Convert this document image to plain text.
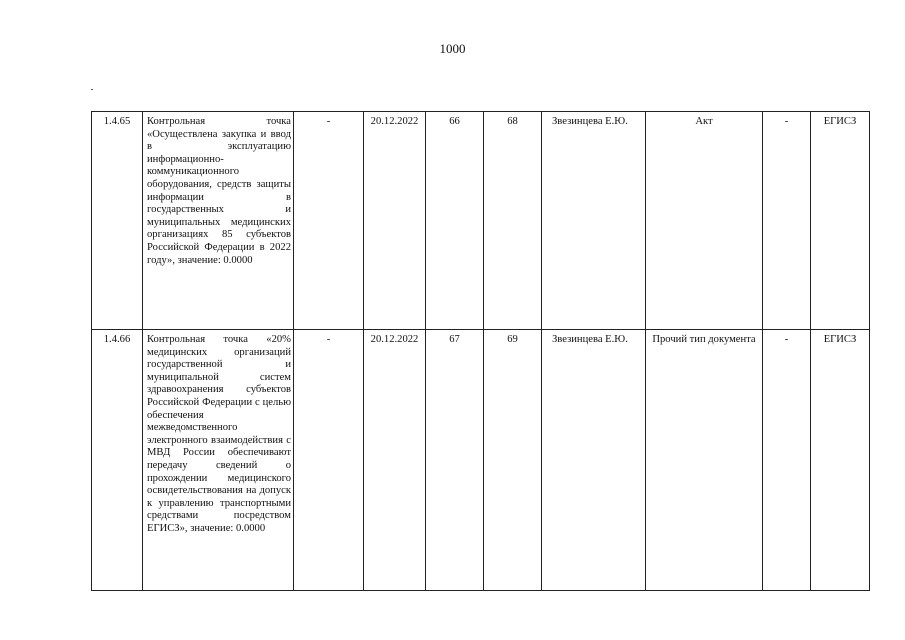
1000
1.4.65	Контрольная точка «Осуществлена закупка и ввод в эксплуатацию информационно-коммуникационного оборудования, средств защиты информации в государственных и муниципальных медицинских организациях 85 субъектов Российской Федерации в 2022 году», значение: 0.0000	-	20.12.2022	66	68	Звезинцева Е.Ю.	Акт	-	ЕГИСЗ
1.4.66	Контрольная точка «20% медицинских организаций государственной и муниципальной систем здравоохранения субъектов Российской Федерации с целью обеспечения межведомственного электронного взаимодействия с МВД России обеспечивают передачу сведений о прохождении медицинского освидетельствования на допуск к управлению транспортными средствами посредством ЕГИСЗ», значение: 0.0000	-	20.12.2022	67	69	Звезинцева Е.Ю.	Прочий тип документа	-	ЕГИСЗ
